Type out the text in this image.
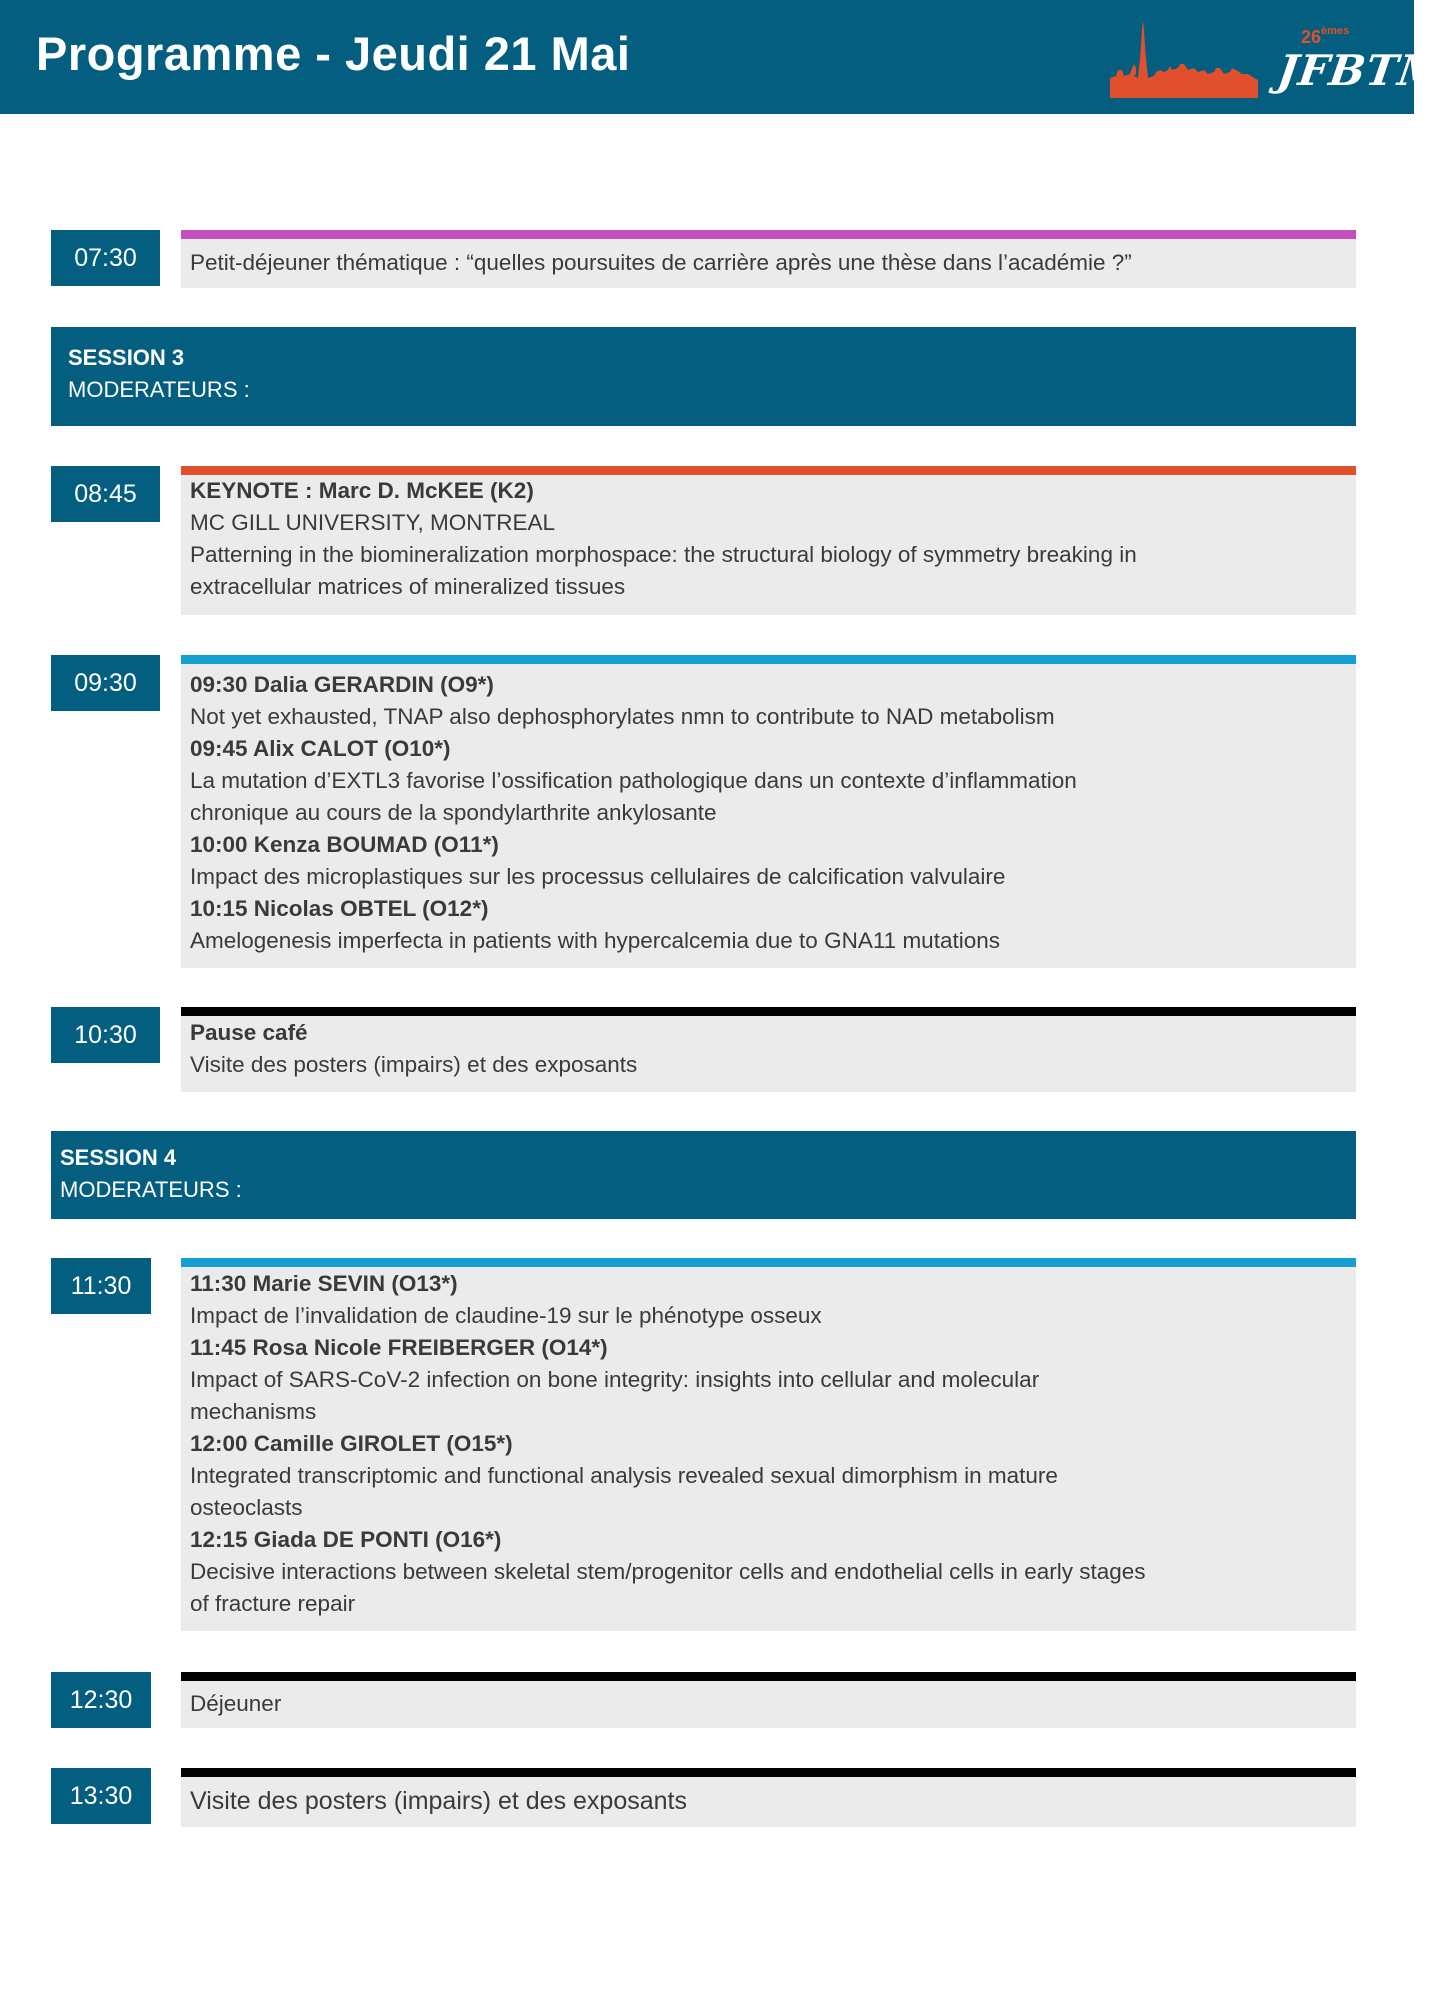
Programme - Jeudi 21 Mai	26èmes
JFBTM
07:30	Petit-déjeuner thématique : “quelles poursuites de carrière après une thèse dans l’académie ?”
SESSION 3
MODERATEURS :
08:45	KEYNOTE : Marc D. McKEE (K2)
MC GILL UNIVERSITY, MONTREAL
Patterning in the biomineralization morphospace: the structural biology of symmetry breaking in
extracellular matrices of mineralized tissues
09:30	09:30 Dalia GERARDIN (O9*)
Not yet exhausted, TNAP also dephosphorylates nmn to contribute to NAD metabolism
09:45 Alix CALOT (O10*)
La mutation d’EXTL3 favorise l’ossification pathologique dans un contexte d’inflammation
chronique au cours de la spondylarthrite ankylosante
10:00 Kenza BOUMAD (O11*)
Impact des microplastiques sur les processus cellulaires de calcification valvulaire
10:15 Nicolas OBTEL (O12*)
Amelogenesis imperfecta in patients with hypercalcemia due to GNA11 mutations
10:30	Pause café
Visite des posters (impairs) et des exposants
SESSION 4
MODERATEURS :
11:30	11:30 Marie SEVIN (O13*)
Impact de l’invalidation de claudine-19 sur le phénotype osseux
11:45 Rosa Nicole FREIBERGER (O14*)
Impact of SARS-CoV-2 infection on bone integrity: insights into cellular and molecular
mechanisms
12:00 Camille GIROLET (O15*)
Integrated transcriptomic and functional analysis revealed sexual dimorphism in mature
osteoclasts
12:15 Giada DE PONTI (O16*)
Decisive interactions between skeletal stem/progenitor cells and endothelial cells in early stages
of fracture repair
12:30	Déjeuner
13:30	Visite des posters (impairs) et des exposants
